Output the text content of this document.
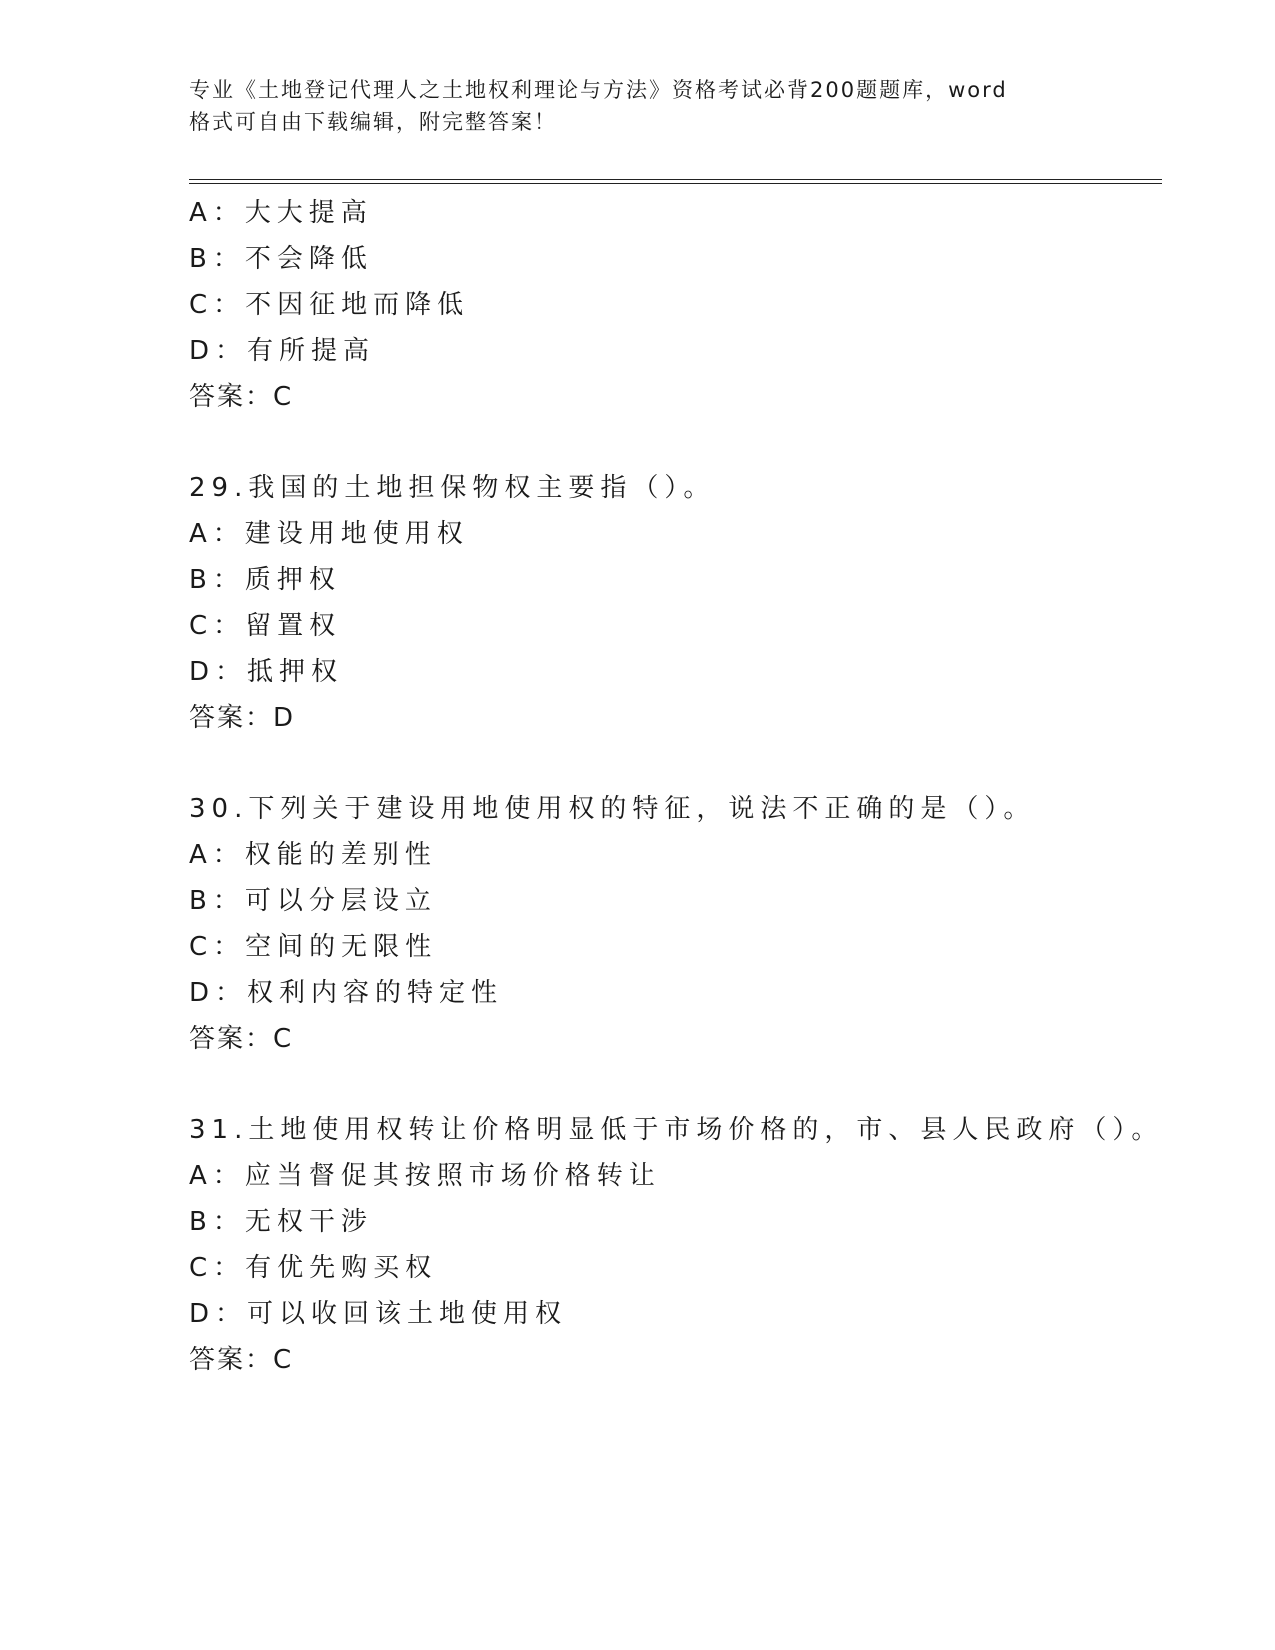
专业《土地登记代理人之土地权利理论与方法》资格考试必背200题题库，word
格式可自由下载编辑，附完整答案！
A：大大提高
B：不会降低
C：不因征地而降低
D：有所提高
答案：C
29.我国的土地担保物权主要指（）。
A：建设用地使用权
B：质押权
C：留置权
D：抵押权
答案：D
30.下列关于建设用地使用权的特征，说法不正确的是（）。
A：权能的差别性
B：可以分层设立
C：空间的无限性
D：权利内容的特定性
答案：C
31.土地使用权转让价格明显低于市场价格的，市、县人民政府（）。
A：应当督促其按照市场价格转让
B：无权干涉
C：有优先购买权
D：可以收回该土地使用权
答案：C
